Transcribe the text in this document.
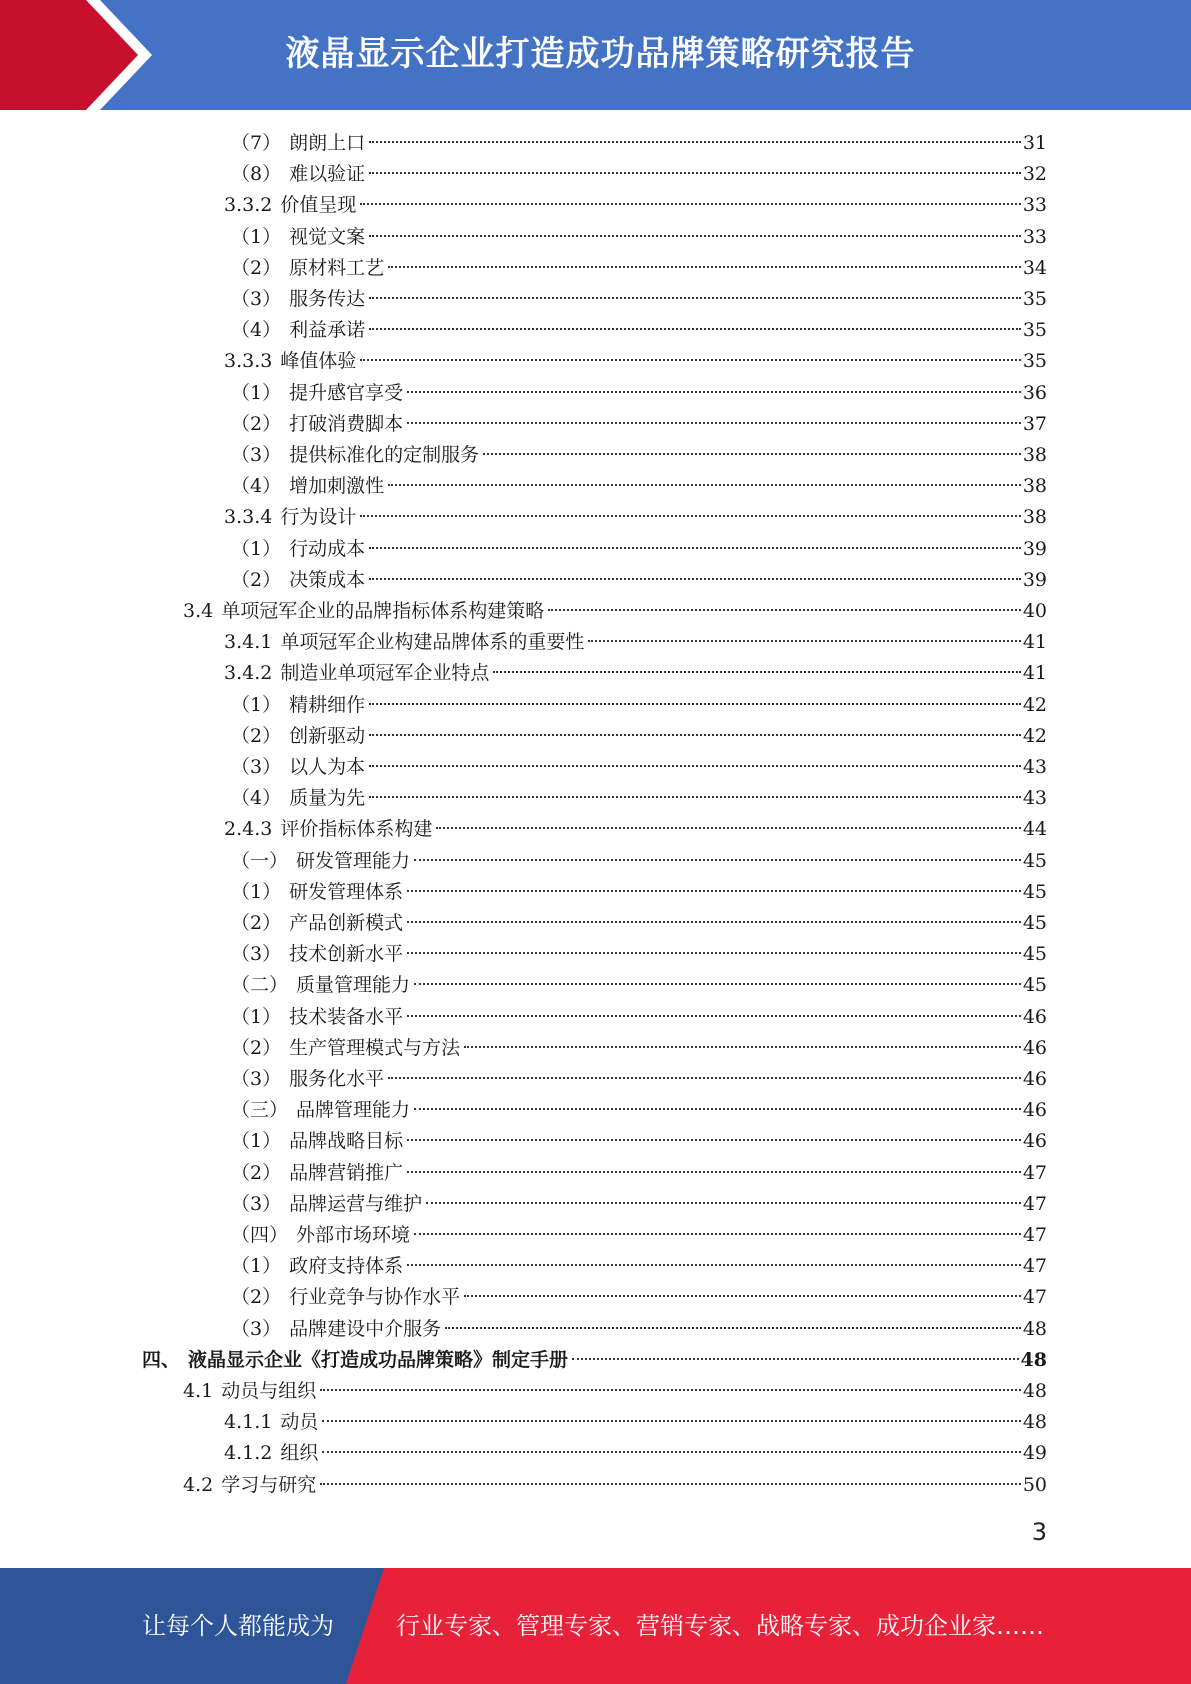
液晶显示企业打造成功品牌策略研究报告
（7） 朗朗上口	31
（8） 难以验证	32
3.3.2 价值呈现	33
（1） 视觉文案	33
（2） 原材料工艺	34
（3） 服务传达	35
（4） 利益承诺	35
3.3.3 峰值体验	35
（1） 提升感官享受	36
（2） 打破消费脚本	37
（3） 提供标准化的定制服务	38
（4） 增加刺激性	38
3.3.4 行为设计	38
（1） 行动成本	39
（2） 决策成本	39
3.4 单项冠军企业的品牌指标体系构建策略	40
3.4.1 单项冠军企业构建品牌体系的重要性	41
3.4.2 制造业单项冠军企业特点	41
（1） 精耕细作	42
（2） 创新驱动	42
（3） 以人为本	43
（4） 质量为先	43
2.4.3 评价指标体系构建	44
（一） 研发管理能力	45
（1） 研发管理体系	45
（2） 产品创新模式	45
（3） 技术创新水平	45
（二） 质量管理能力	45
（1） 技术装备水平	46
（2） 生产管理模式与方法	46
（3） 服务化水平	46
（三） 品牌管理能力	46
（1） 品牌战略目标	46
（2） 品牌营销推广	47
（3） 品牌运营与维护	47
（四） 外部市场环境	47
（1） 政府支持体系	47
（2） 行业竞争与协作水平	47
（3） 品牌建设中介服务	48
四、 液晶显示企业《打造成功品牌策略》制定手册	48
4.1 动员与组织	48
4.1.1 动员	48
4.1.2 组织	49
4.2 学习与研究	50
3
让每个人都能成为	行业专家、管理专家、营销专家、战略专家、成功企业家……
